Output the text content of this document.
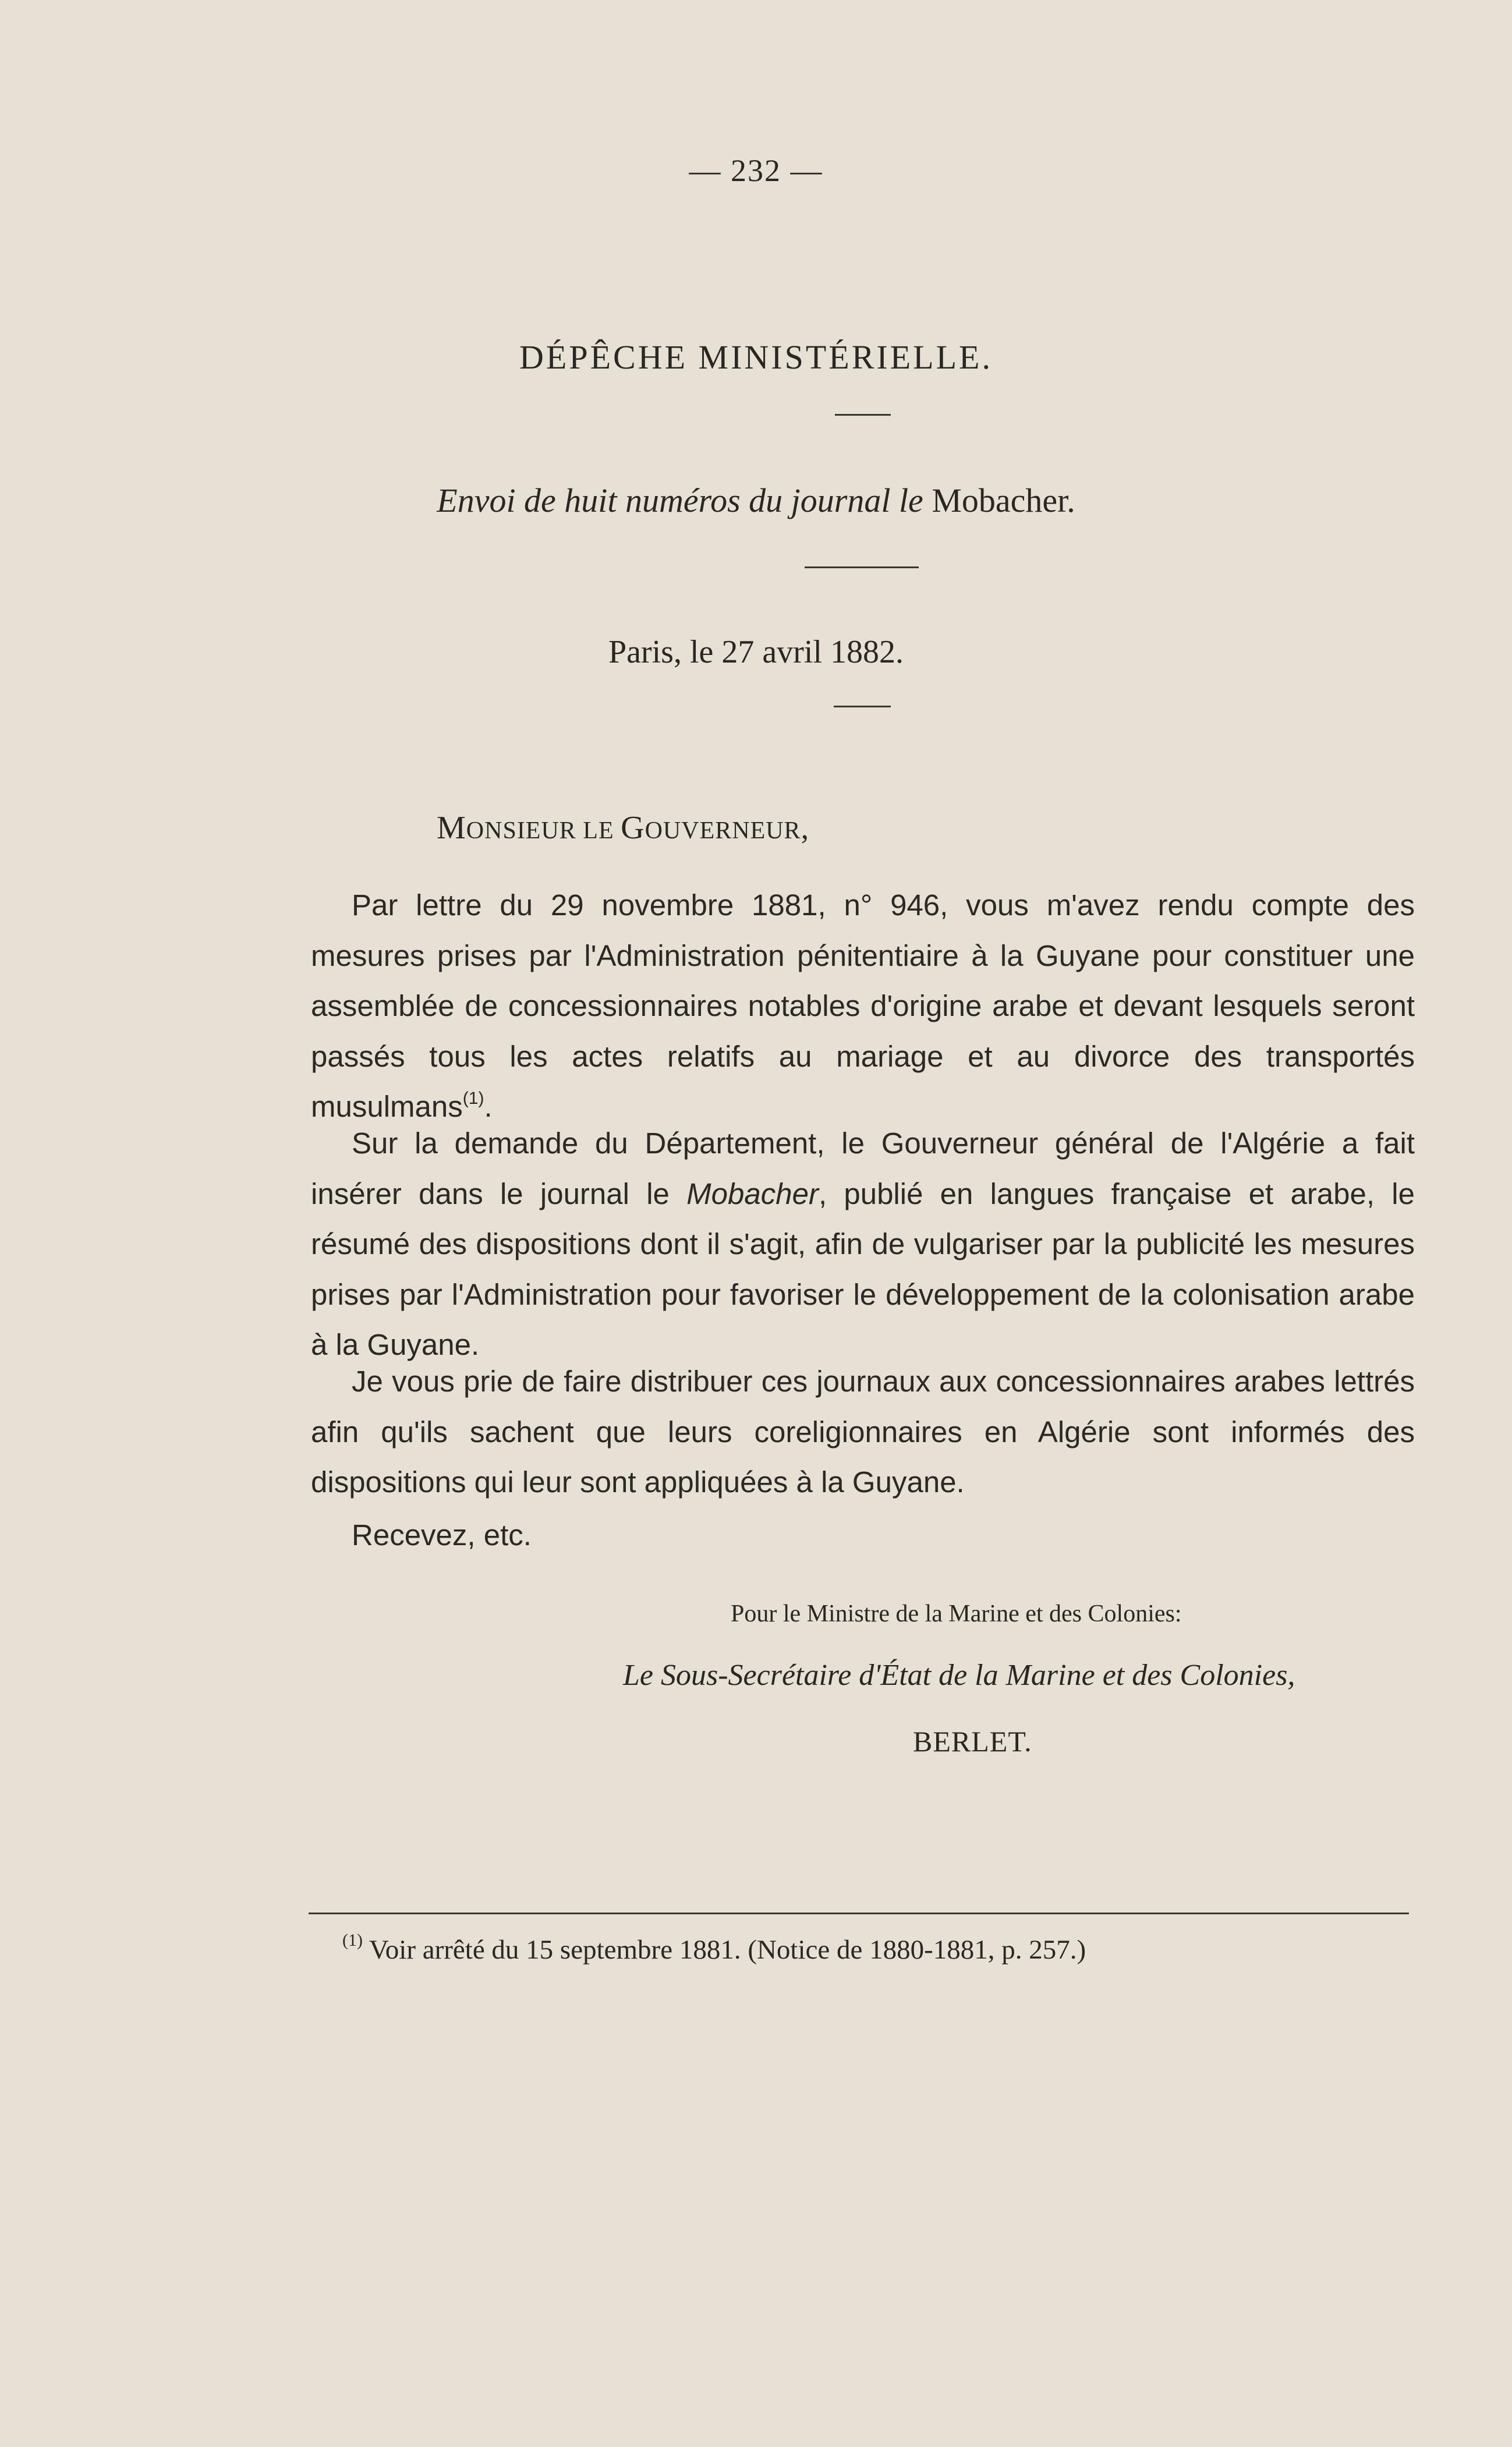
— 232 —
DÉPÊCHE MINISTÉRIELLE.
Envoi de huit numéros du journal le Mobacher.
Paris, le 27 avril 1882.
MONSIEUR LE GOUVERNEUR,
Par lettre du 29 novembre 1881, n° 946, vous m'avez rendu compte des mesures prises par l'Administration pénitentiaire à la Guyane pour constituer une assemblée de concessionnaires notables d'origine arabe et devant lesquels seront passés tous les actes relatifs au mariage et au divorce des transportés musulmans$^{(1)}$.
Sur la demande du Département, le Gouverneur général de l'Algérie a fait insérer dans le journal le Mobacher, publié en langues française et arabe, le résumé des dispositions dont il s'agit, afin de vulgariser par la publicité les mesures prises par l'Administration pour favoriser le développement de la colonisation arabe à la Guyane.
Je vous prie de faire distribuer ces journaux aux concessionnaires arabes lettrés afin qu'ils sachent que leurs coreligionnaires en Algérie sont informés des dispositions qui leur sont appliquées à la Guyane.
Recevez, etc.
Pour le Ministre de la Marine et des Colonies:
Le Sous-Secrétaire d'État de la Marine et des Colonies,
BERLET.
$^{(1)}$ Voir arrêté du 15 septembre 1881. (Notice de 1880-1881, p. 257.)
